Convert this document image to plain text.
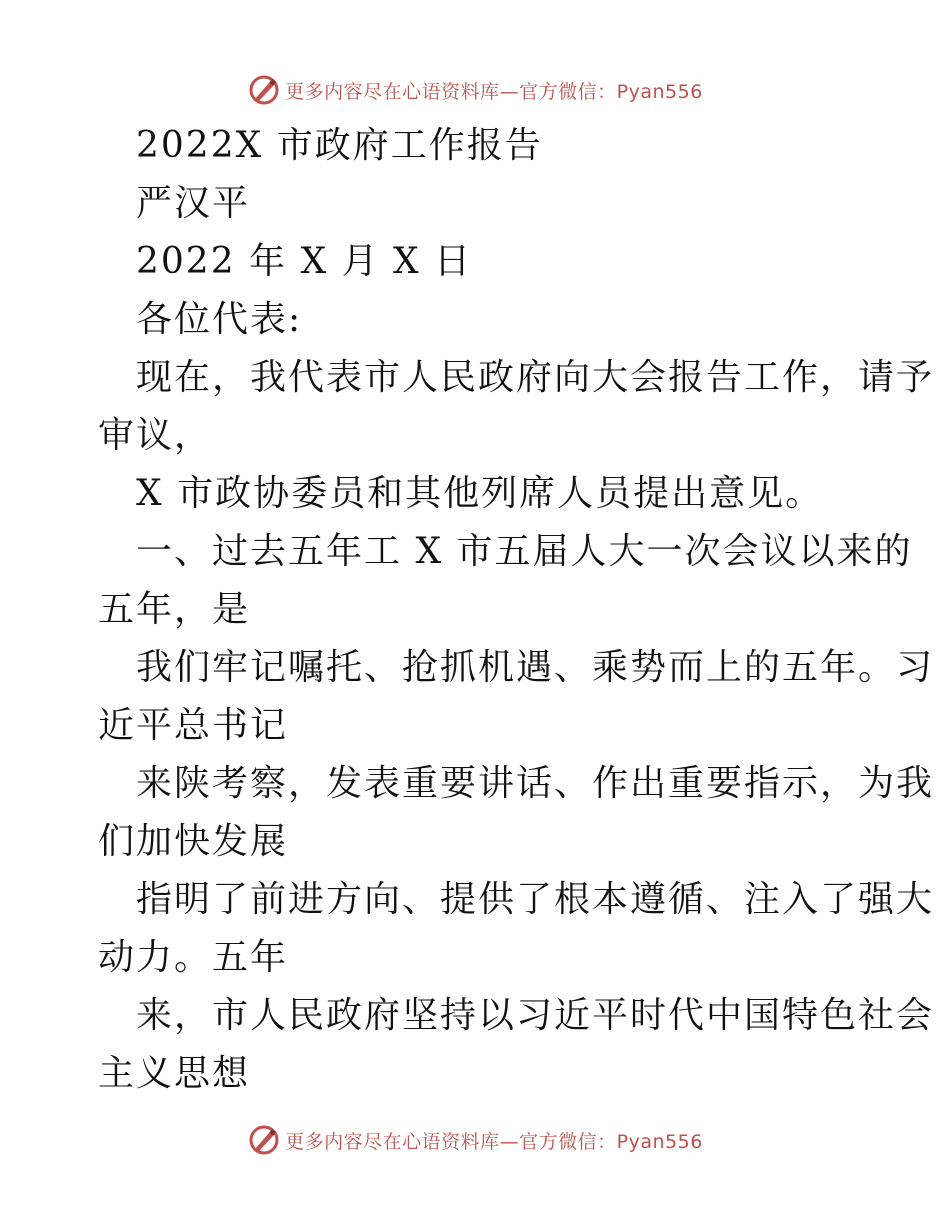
更多内容尽在心语资料库—官方微信：Pyan556
2022X 市政府工作报告
严汉平
2022 年 X 月 X 日
各位代表:
现在，我代表市人民政府向大会报告工作，请予
审议，
X 市政协委员和其他列席人员提出意见。
一、过去五年工 X 市五届人大一次会议以来的
五年，是
我们牢记嘱托、抢抓机遇、乘势而上的五年。习
近平总书记
来陕考察，发表重要讲话、作出重要指示，为我
们加快发展
指明了前进方向、提供了根本遵循、注入了强大
动力。五年
来，市人民政府坚持以习近平时代中国特色社会
主义思想
更多内容尽在心语资料库—官方微信：Pyan556
